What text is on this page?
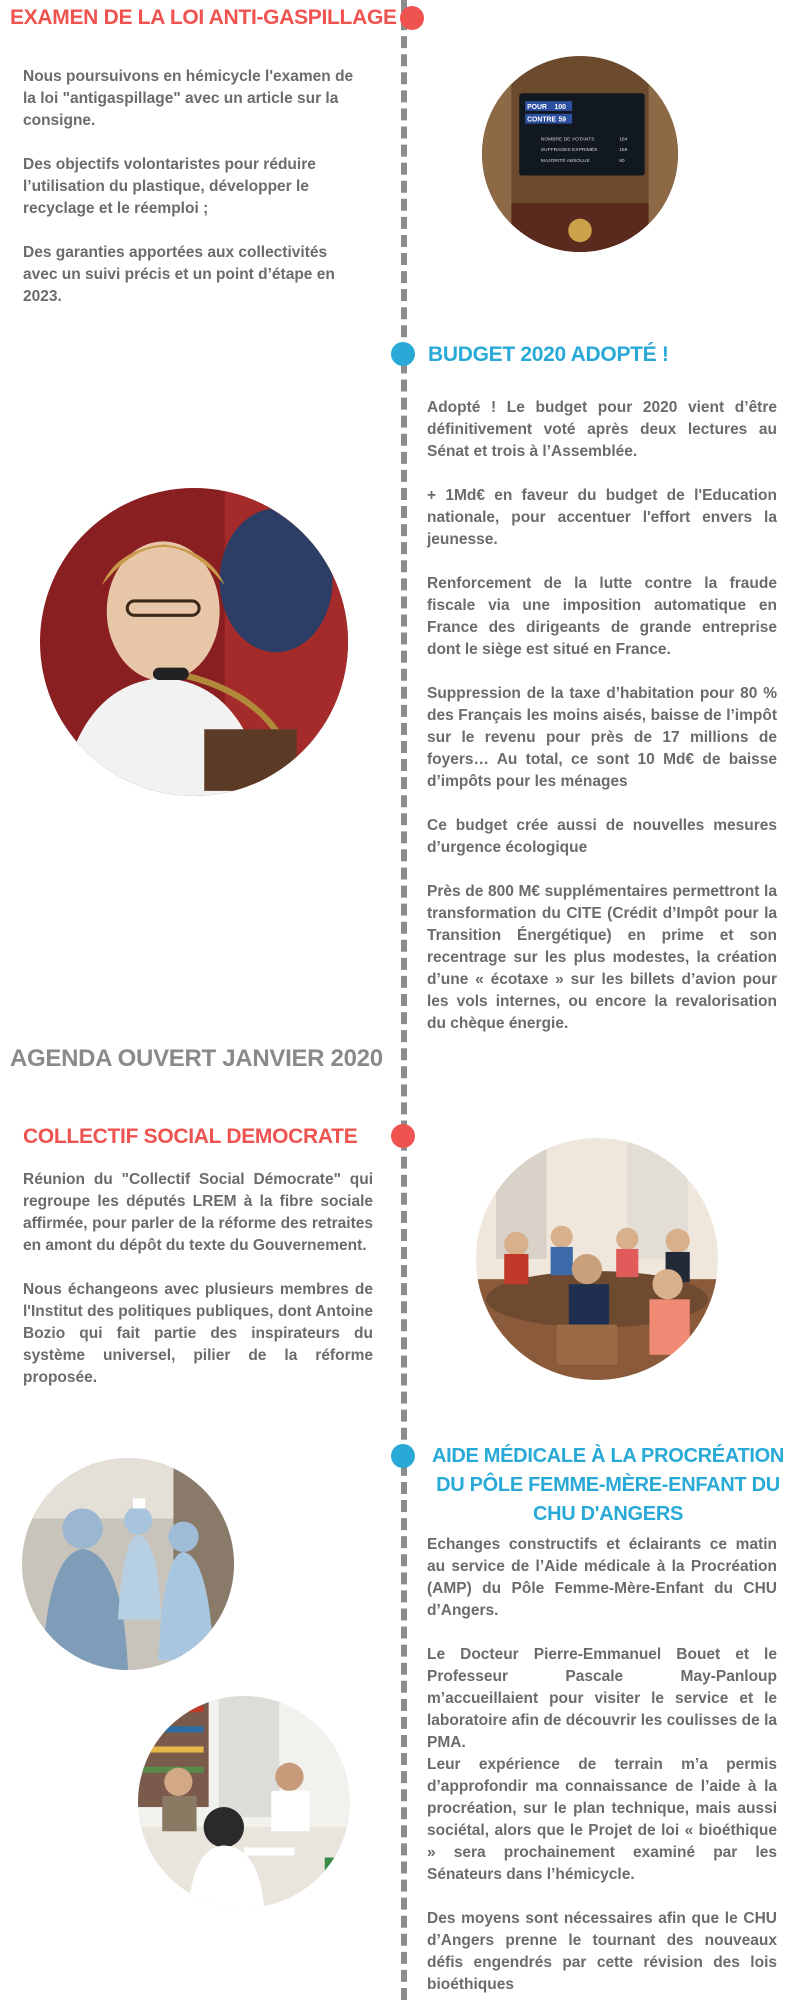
EXAMEN DE LA LOI ANTI-GASPILLAGE

Nous poursuivons en hémicycle l'examen de la loi "antigaspillage" avec un article sur la consigne.

Des objectifs volontaristes pour réduire l’utilisation du plastique, développer le recyclage et le réemploi ;

Des garanties apportées aux collectivités avec un suivi précis et un point d’étape en 2023.

POUR 100
CONTRE 59
NOMBRE DE VOTANTS	184
SUFFRAGES EXPRIMÉS	159
MAJORITÉ ABSOLUE	80
BUDGET 2020 ADOPTÉ !

Adopté ! Le budget pour 2020 vient d’être définitivement voté après deux lectures au Sénat et trois à l’Assemblée.

+ 1Md€ en faveur du budget de l'Education nationale, pour accentuer l'effort envers la jeunesse.

Renforcement de la lutte contre la fraude fiscale via une imposition automatique en France des dirigeants de grande entreprise dont le siège est situé en France.

Suppression de la taxe d’habitation pour 80 % des Français les moins aisés, baisse de l’impôt sur le revenu pour près de 17 millions de foyers… Au total, ce sont 10 Md€ de baisse d’impôts pour les ménages

Ce budget crée aussi de nouvelles mesures d’urgence écologique

Près de 800 M€ supplémentaires permettront la transformation du CITE (Crédit d’Impôt pour la Transition Énergétique) en prime et son recentrage sur les plus modestes, la création d’une « écotaxe » sur les billets d’avion pour les vols internes, ou encore la revalorisation du chèque énergie.

AGENDA OUVERT JANVIER 2020
COLLECTIF SOCIAL DEMOCRATE

Réunion du "Collectif Social Démocrate" qui regroupe les députés LREM à la fibre sociale affirmée, pour parler de la réforme des retraites en amont du dépôt du texte du Gouvernement.

Nous échangeons avec plusieurs membres de l'Institut des politiques publiques, dont Antoine Bozio qui fait partie des inspirateurs du système universel, pilier de la réforme proposée.

AIDE MÉDICALE À LA PROCRÉATION DU PÔLE FEMME-MÈRE-ENFANT DU CHU D'ANGERS

Echanges constructifs et éclairants ce matin au service de l’Aide médicale à la Procréation (AMP) du Pôle Femme-Mère-Enfant du CHU d’Angers.

Le Docteur Pierre-Emmanuel Bouet et le Professeur Pascale May-Panloup m’accueillaient pour visiter le service et le laboratoire afin de découvrir les coulisses de la PMA.

Leur expérience de terrain m’a permis d’approfondir ma connaissance de l’aide à la procréation, sur le plan technique, mais aussi sociétal, alors que le Projet de loi « bioéthique » sera prochainement examiné par les Sénateurs dans l’hémicycle.

Des moyens sont nécessaires afin que le CHU d’Angers prenne le tournant des nouveaux défis engendrés par cette révision des lois bioéthiques
